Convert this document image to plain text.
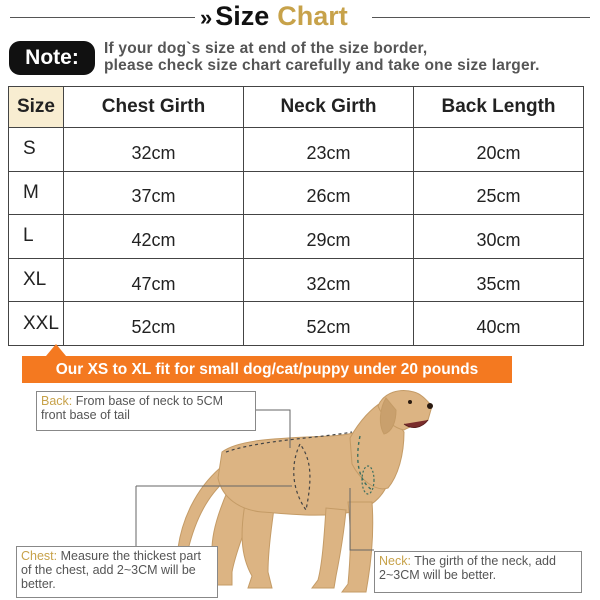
» Size Chart
Note:	If your dog`s size at end of the size border,
please check size chart carefully and take one size larger.
Size	Chest Girth	Neck Girth	Back Length
S	32cm	23cm	20cm
M	37cm	26cm	25cm
L	42cm	29cm	30cm
XL	47cm	32cm	35cm
XXL	52cm	52cm	40cm
Our XS to XL fit for small dog/cat/puppy under 20 pounds
Back: From base of neck to 5CM front base of tail
Chest: Measure the thickest part of the chest, add 2~3CM will be better.
Neck: The girth of the neck, add 2~3CM will be better.
